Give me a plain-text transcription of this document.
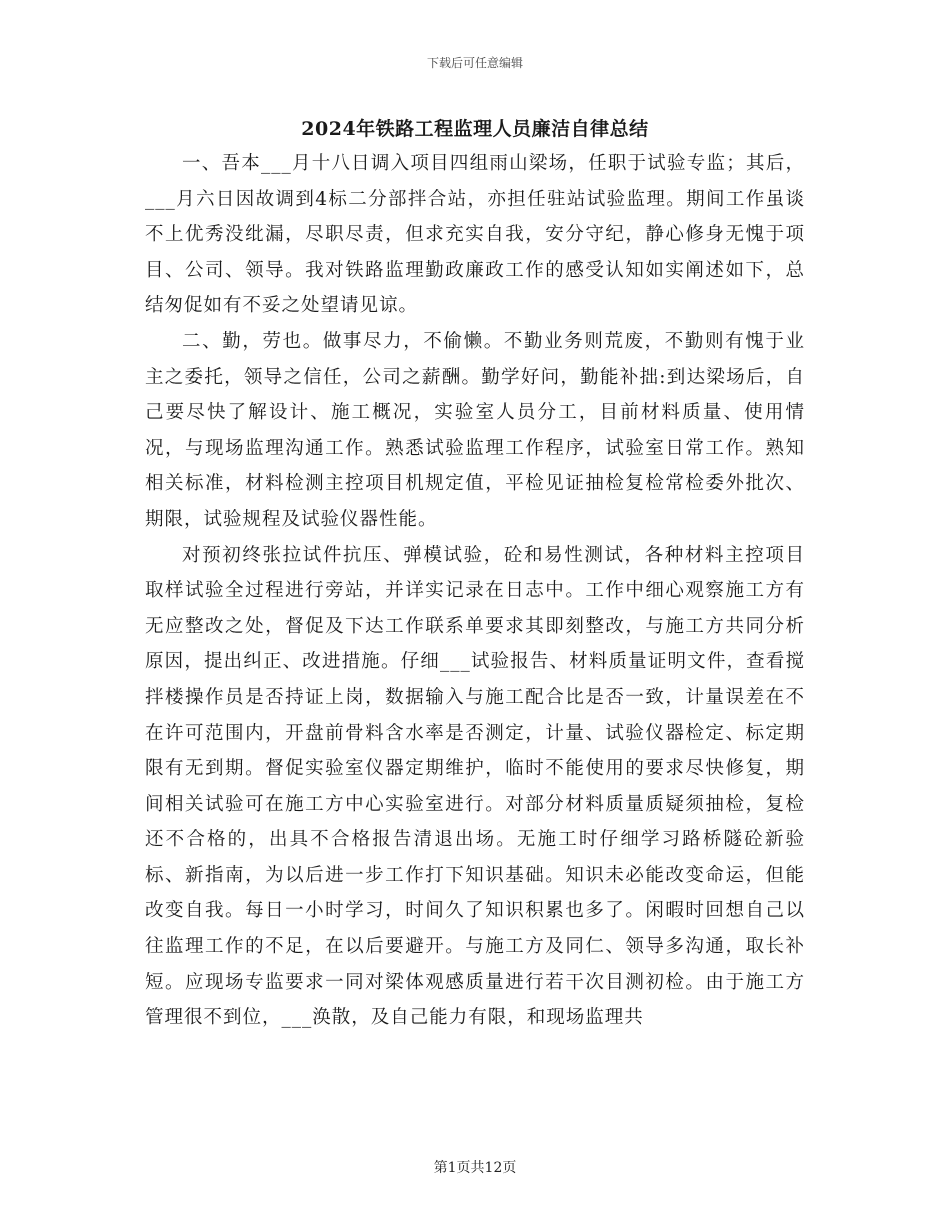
下载后可任意编辑
2024年铁路工程监理人员廉洁自律总结

一、吾本___月十八日调入项目四组雨山梁场，任职于试验专监；其后，___月六日因故调到4标二分部拌合站，亦担任驻站试验监理。期间工作虽谈不上优秀没纰漏，尽职尽责，但求充实自我，安分守纪，静心修身无愧于项目、公司、领导。我对铁路监理勤政廉政工作的感受认知如实阐述如下，总结匆促如有不妥之处望请见谅。

二、勤，劳也。做事尽力，不偷懒。不勤业务则荒废，不勤则有愧于业主之委托，领导之信任，公司之薪酬。勤学好问，勤能补拙:到达梁场后，自己要尽快了解设计、施工概况，实验室人员分工，目前材料质量、使用情况，与现场监理沟通工作。熟悉试验监理工作程序，试验室日常工作。熟知相关标准，材料检测主控项目机规定值，平检见证抽检复检常检委外批次、期限，试验规程及试验仪器性能。

对预初终张拉试件抗压、弹模试验，砼和易性测试，各种材料主控项目取样试验全过程进行旁站，并详实记录在日志中。工作中细心观察施工方有无应整改之处，督促及下达工作联系单要求其即刻整改，与施工方共同分析原因，提出纠正、改进措施。仔细___试验报告、材料质量证明文件，查看搅拌楼操作员是否持证上岗，数据输入与施工配合比是否一致，计量误差在不在许可范围内，开盘前骨料含水率是否测定，计量、试验仪器检定、标定期限有无到期。督促实验室仪器定期维护，临时不能使用的要求尽快修复，期间相关试验可在施工方中心实验室进行。对部分材料质量质疑须抽检，复检还不合格的，出具不合格报告清退出场。无施工时仔细学习路桥隧砼新验标、新指南，为以后进一步工作打下知识基础。知识未必能改变命运，但能改变自我。每日一小时学习，时间久了知识积累也多了。闲暇时回想自己以往监理工作的不足，在以后要避开。与施工方及同仁、领导多沟通，取长补短。应现场专监要求一同对梁体观感质量进行若干次目测初检。由于施工方管理很不到位，___涣散，及自己能力有限，和现场监理共

第1页共12页
